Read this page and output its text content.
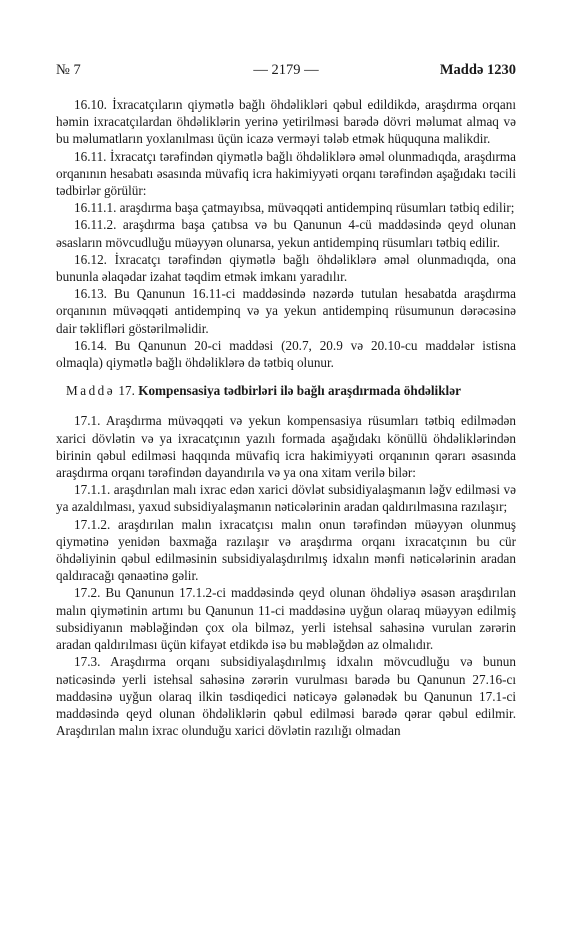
№ 7	— 2179 —	Maddə 1230

16.10. İxracatçıların qiymətlə bağlı öhdəlikləri qəbul edildikdə, araşdırma orqanı həmin ixracatçılardan öhdəliklərin yerinə yetirilməsi barədə dövri məlumat almaq və bu məlumatların yoxlanılması üçün icazə verməyi tələb etmək hüququna malikdir.

16.11. İxracatçı tərəfindən qiymətlə bağlı öhdəliklərə əməl olunmadıqda, araşdırma orqanının hesabatı əsasında müvafiq icra hakimiyyəti orqanı tərəfindən aşağıdakı təcili tədbirlər görülür:

16.11.1. araşdırma başa çatmayıbsa, müvəqqəti antidempinq rüsumları tətbiq edilir;

16.11.2. araşdırma başa çatıbsa və bu Qanunun 4-cü maddəsində qeyd olunan əsasların mövcudluğu müəyyən olunarsa, yekun antidempinq rüsumları tətbiq edilir.

16.12. İxracatçı tərəfindən qiymətlə bağlı öhdəliklərə əməl olunmadıqda, ona bununla əlaqədar izahat təqdim etmək imkanı yaradılır.

16.13. Bu Qanunun 16.11-ci maddəsində nəzərdə tutulan hesabatda araşdırma orqanının müvəqqəti antidempinq və ya yekun antidempinq rüsumunun dərəcəsinə dair təklifləri göstərilməlidir.

16.14. Bu Qanunun 20-ci maddəsi (20.7, 20.9 və 20.10-cu maddələr istisna olmaqla) qiymətlə bağlı öhdəliklərə də tətbiq olunur.

Maddə 17. Kompensasiya tədbirləri ilə bağlı araşdırmada öhdəliklər

17.1. Araşdırma müvəqqəti və yekun kompensasiya rüsumları tətbiq edilmədən xarici dövlətin və ya ixracatçının yazılı formada aşağıdakı könüllü öhdəliklərindən birinin qəbul edilməsi haqqında müvafiq icra hakimiyyəti orqanının qərarı əsasında araşdırma orqanı tərəfindən dayandırıla və ya ona xitam verilə bilər:

17.1.1. araşdırılan malı ixrac edən xarici dövlət subsidiyalaşmanın ləğv edilməsi və ya azaldılması, yaxud subsidiyalaşmanın nəticələrinin aradan qaldırılmasına razılaşır;

17.1.2. araşdırılan malın ixracatçısı malın onun tərəfindən müəyyən olunmuş qiymətinə yenidən baxmağa razılaşır və araşdırma orqanı ixracatçının bu cür öhdəliyinin qəbul edilməsinin subsidiyalaşdırılmış idxalın mənfi nəticələrinin aradan qaldıracağı qənaətinə gəlir.

17.2. Bu Qanunun 17.1.2-ci maddəsində qeyd olunan öhdəliyə əsasən araşdırılan malın qiymətinin artımı bu Qanunun 11-ci maddəsinə uyğun olaraq müəyyən edilmiş subsidiyanın məbləğindən çox ola bilməz, yerli istehsal sahəsinə vurulan zərərin aradan qaldırılması üçün kifayət etdikdə isə bu məbləğdən az olmalıdır.

17.3. Araşdırma orqanı subsidiyalaşdırılmış idxalın mövcudluğu və bunun nəticəsində yerli istehsal sahəsinə zərərin vurulması barədə bu Qanunun 27.16-cı maddəsinə uyğun olaraq ilkin təsdiqedici nəticəyə gələnədək bu Qanunun 17.1-ci maddəsində qeyd olunan öhdəliklərin qəbul edilməsi barədə qərar qəbul edilmir. Araşdırılan malın ixrac olunduğu xarici dövlətin razılığı olmadan
